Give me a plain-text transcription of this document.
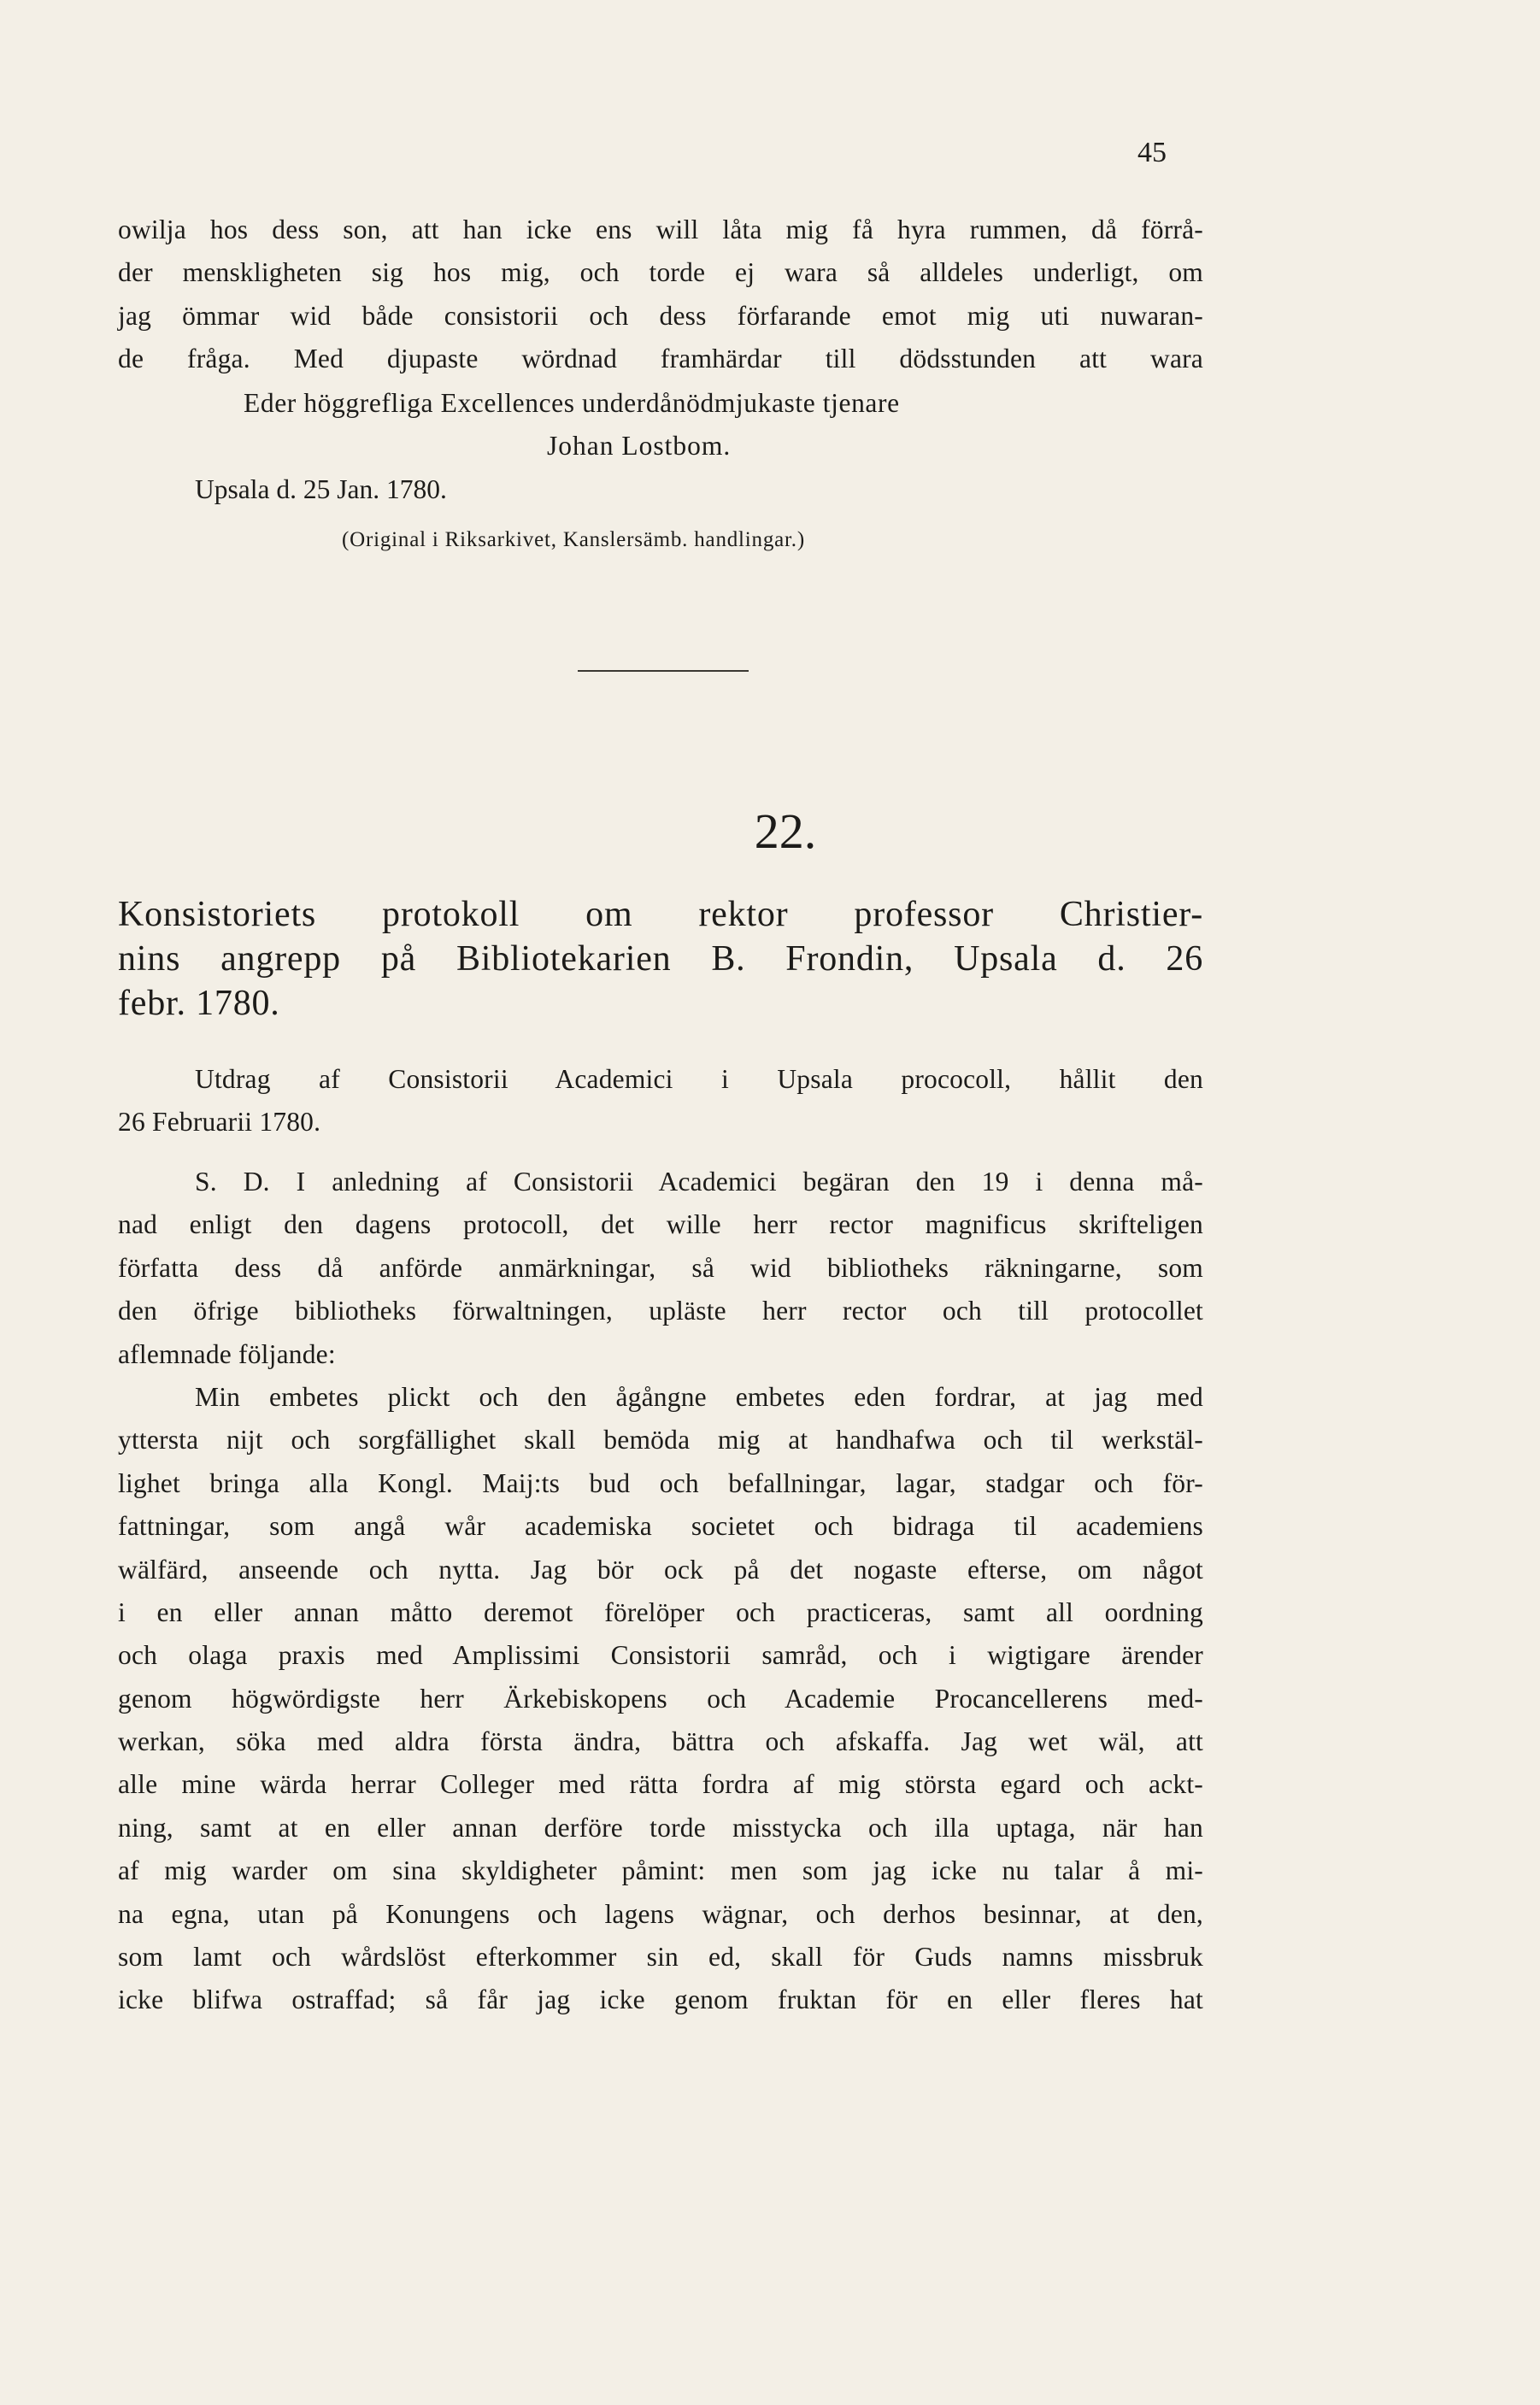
45
owilja hos dess son, att han icke ens will låta mig få hyra rummen, då förrå-
der menskligheten sig hos mig, och torde ej wara så alldeles underligt, om
jag ömmar wid både consistorii och dess förfarande emot mig uti nuwaran-
de fråga. Med djupaste wördnad framhärdar till dödsstunden att wara
Eder höggrefliga Excellences underdånödmjukaste tjenare
Johan Lostbom.
Upsala d. 25 Jan. 1780.
(Original i Riksarkivet, Kanslersämb. handlingar.)
22.
Konsistoriets protokoll om rektor professor Christier-
nins angrepp på Bibliotekarien B. Frondin, Upsala d. 26
febr. 1780.
Utdrag af Consistorii Academici i Upsala prococoll, hållit den
26 Februarii 1780.
S. D. I anledning af Consistorii Academici begäran den 19 i denna må-
nad enligt den dagens protocoll, det wille herr rector magnificus skrifteligen
författa dess då anförde anmärkningar, så wid bibliotheks räkningarne, som
den öfrige bibliotheks förwaltningen, upläste herr rector och till protocollet
aflemnade följande:
Min embetes plickt och den ågångne embetes eden fordrar, at jag med
yttersta nijt och sorgfällighet skall bemöda mig at handhafwa och til werkstäl-
lighet bringa alla Kongl. Maij:ts bud och befallningar, lagar, stadgar och för-
fattningar, som angå wår academiska societet och bidraga til academiens
wälfärd, anseende och nytta. Jag bör ock på det nogaste efterse, om något
i en eller annan måtto deremot förelöper och practiceras, samt all oordning
och olaga praxis med Amplissimi Consistorii samråd, och i wigtigare ärender
genom högwördigste herr Ärkebiskopens och Academie Procancellerens med-
werkan, söka med aldra första ändra, bättra och afskaffa. Jag wet wäl, att
alle mine wärda herrar Colleger med rätta fordra af mig största egard och ackt-
ning, samt at en eller annan derföre torde misstycka och illa uptaga, när han
af mig warder om sina skyldigheter påmint: men som jag icke nu talar å mi-
na egna, utan på Konungens och lagens wägnar, och derhos besinnar, at den,
som lamt och wårdslöst efterkommer sin ed, skall för Guds namns missbruk
icke blifwa ostraffad; så får jag icke genom fruktan för en eller fleres hat
